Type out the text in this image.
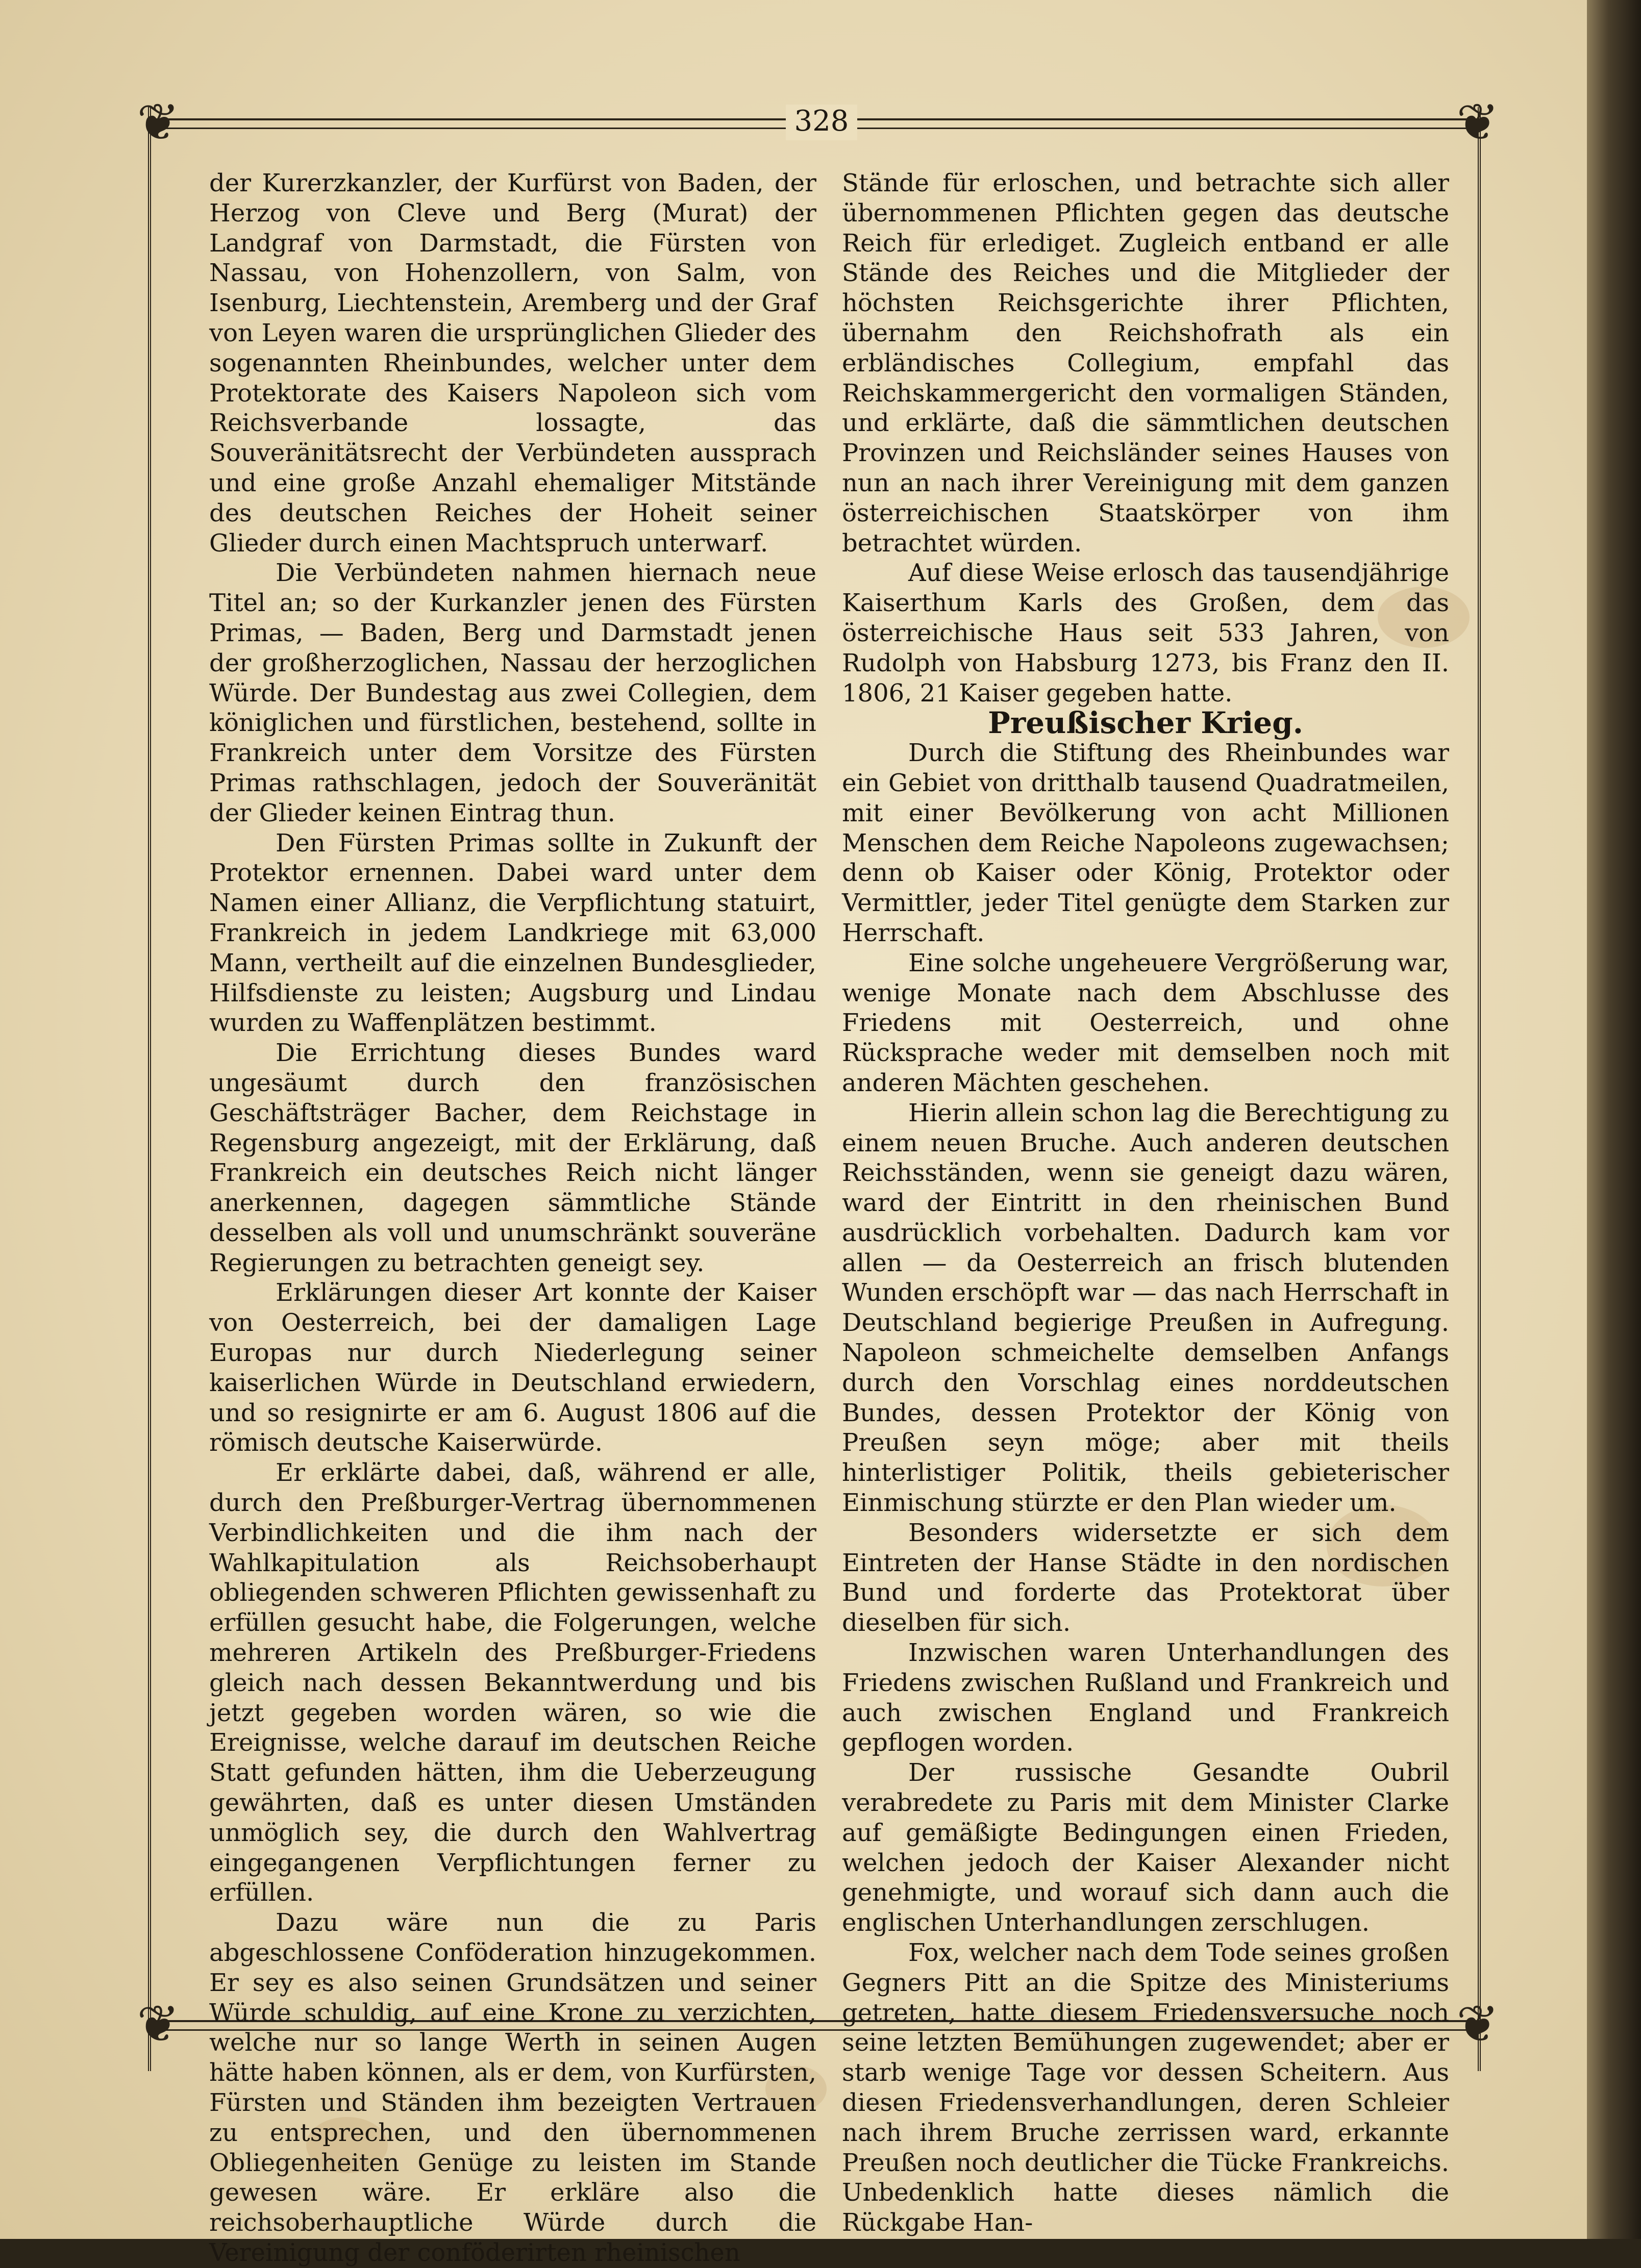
❦	❦
❦	❦
328

der Kurerzkanzler, der Kurfürst von Baden, der Herzog von Cleve und Berg (Murat) der Landgraf von Darmstadt, die Fürsten von Nassau, von Hohenzollern, von Salm, von Isenburg, Liechtenstein, Aremberg und der Graf von Leyen waren die ursprünglichen Glieder des sogenannten Rheinbundes, welcher unter dem Protektorate des Kaisers Napoleon sich vom Reichsverbande lossagte, das Souveränitätsrecht der Verbündeten aussprach und eine große Anzahl ehemaliger Mitstände des deutschen Reiches der Hoheit seiner Glieder durch einen Machtspruch unterwarf.

Die Verbündeten nahmen hiernach neue Titel an; so der Kurkanzler jenen des Fürsten Primas, — Baden, Berg und Darmstadt jenen der großherzoglichen, Nassau der herzoglichen Würde. Der Bundestag aus zwei Collegien, dem königlichen und fürstlichen, bestehend, sollte in Frankreich unter dem Vorsitze des Fürsten Primas rathschlagen, jedoch der Souveränität der Glieder keinen Eintrag thun.

Den Fürsten Primas sollte in Zukunft der Protektor ernennen. Dabei ward unter dem Namen einer Allianz, die Verpflichtung statuirt, Frankreich in jedem Landkriege mit 63,000 Mann, vertheilt auf die einzelnen Bundesglieder, Hilfsdienste zu leisten; Augsburg und Lindau wurden zu Waffenplätzen bestimmt.

Die Errichtung dieses Bundes ward ungesäumt durch den französischen Geschäftsträger Bacher, dem Reichstage in Regensburg angezeigt, mit der Erklärung, daß Frankreich ein deutsches Reich nicht länger anerkennen, dagegen sämmtliche Stände desselben als voll und unumschränkt souveräne Regierungen zu betrachten geneigt sey.

Erklärungen dieser Art konnte der Kaiser von Oesterreich, bei der damaligen Lage Europas nur durch Niederlegung seiner kaiserlichen Würde in Deutschland erwiedern, und so resignirte er am 6. August 1806 auf die römisch deutsche Kaiserwürde.

Er erklärte dabei, daß, während er alle, durch den Preßburger-Vertrag übernommenen Verbindlichkeiten und die ihm nach der Wahlkapitulation als Reichsoberhaupt obliegenden schweren Pflichten gewissenhaft zu erfüllen gesucht habe, die Folgerungen, welche mehreren Artikeln des Preßburger-Friedens gleich nach dessen Bekanntwerdung und bis jetzt gegeben worden wären, so wie die Ereignisse, welche darauf im deutschen Reiche Statt gefunden hätten, ihm die Ueberzeugung gewährten, daß es unter diesen Umständen unmöglich sey, die durch den Wahlvertrag eingegangenen Verpflichtungen ferner zu erfüllen.

Dazu wäre nun die zu Paris abgeschlossene Conföderation hinzugekommen. Er sey es also seinen Grundsätzen und seiner Würde schuldig, auf eine Krone zu verzichten, welche nur so lange Werth in seinen Augen hätte haben können, als er dem, von Kurfürsten, Fürsten und Ständen ihm bezeigten Vertrauen zu entsprechen, und den übernommenen Obliegenheiten Genüge zu leisten im Stande gewesen wäre. Er erkläre also die reichsoberhauptliche Würde durch die Vereinigung der conföderirten rheinischen

Stände für erloschen, und betrachte sich aller übernommenen Pflichten gegen das deutsche Reich für erlediget. Zugleich entband er alle Stände des Reiches und die Mitglieder der höchsten Reichsgerichte ihrer Pflichten, übernahm den Reichshofrath als ein erbländisches Collegium, empfahl das Reichskammergericht den vormaligen Ständen, und erklärte, daß die sämmtlichen deutschen Provinzen und Reichsländer seines Hauses von nun an nach ihrer Vereinigung mit dem ganzen österreichischen Staatskörper von ihm betrachtet würden.

Auf diese Weise erlosch das tausendjährige Kaiserthum Karls des Großen, dem das österreichische Haus seit 533 Jahren, von Rudolph von Habsburg 1273, bis Franz den II. 1806, 21 Kaiser gegeben hatte.

Preußischer Krieg.

Durch die Stiftung des Rheinbundes war ein Gebiet von dritthalb tausend Quadratmeilen, mit einer Bevölkerung von acht Millionen Menschen dem Reiche Napoleons zugewachsen; denn ob Kaiser oder König, Protektor oder Vermittler, jeder Titel genügte dem Starken zur Herrschaft.

Eine solche ungeheuere Vergrößerung war, wenige Monate nach dem Abschlusse des Friedens mit Oesterreich, und ohne Rücksprache weder mit demselben noch mit anderen Mächten geschehen.

Hierin allein schon lag die Berechtigung zu einem neuen Bruche. Auch anderen deutschen Reichsständen, wenn sie geneigt dazu wären, ward der Eintritt in den rheinischen Bund ausdrücklich vorbehalten. Dadurch kam vor allen — da Oesterreich an frisch blutenden Wunden erschöpft war — das nach Herrschaft in Deutschland begierige Preußen in Aufregung. Napoleon schmeichelte demselben Anfangs durch den Vorschlag eines norddeutschen Bundes, dessen Protektor der König von Preußen seyn möge; aber mit theils hinterlistiger Politik, theils gebieterischer Einmischung stürzte er den Plan wieder um.

Besonders widersetzte er sich dem Eintreten der Hanse Städte in den nordischen Bund und forderte das Protektorat über dieselben für sich.

Inzwischen waren Unterhandlungen des Friedens zwischen Rußland und Frankreich und auch zwischen England und Frankreich gepflogen worden.

Der russische Gesandte Oubril verabredete zu Paris mit dem Minister Clarke auf gemäßigte Bedingungen einen Frieden, welchen jedoch der Kaiser Alexander nicht genehmigte, und worauf sich dann auch die englischen Unterhandlungen zerschlugen.

Fox, welcher nach dem Tode seines großen Gegners Pitt an die Spitze des Ministeriums getreten, hatte diesem Friedensversuche noch seine letzten Bemühungen zugewendet; aber er starb wenige Tage vor dessen Scheitern. Aus diesen Friedensverhandlungen, deren Schleier nach ihrem Bruche zerrissen ward, erkannte Preußen noch deutlicher die Tücke Frankreichs. Unbedenklich hatte dieses nämlich die Rückgabe Han-
